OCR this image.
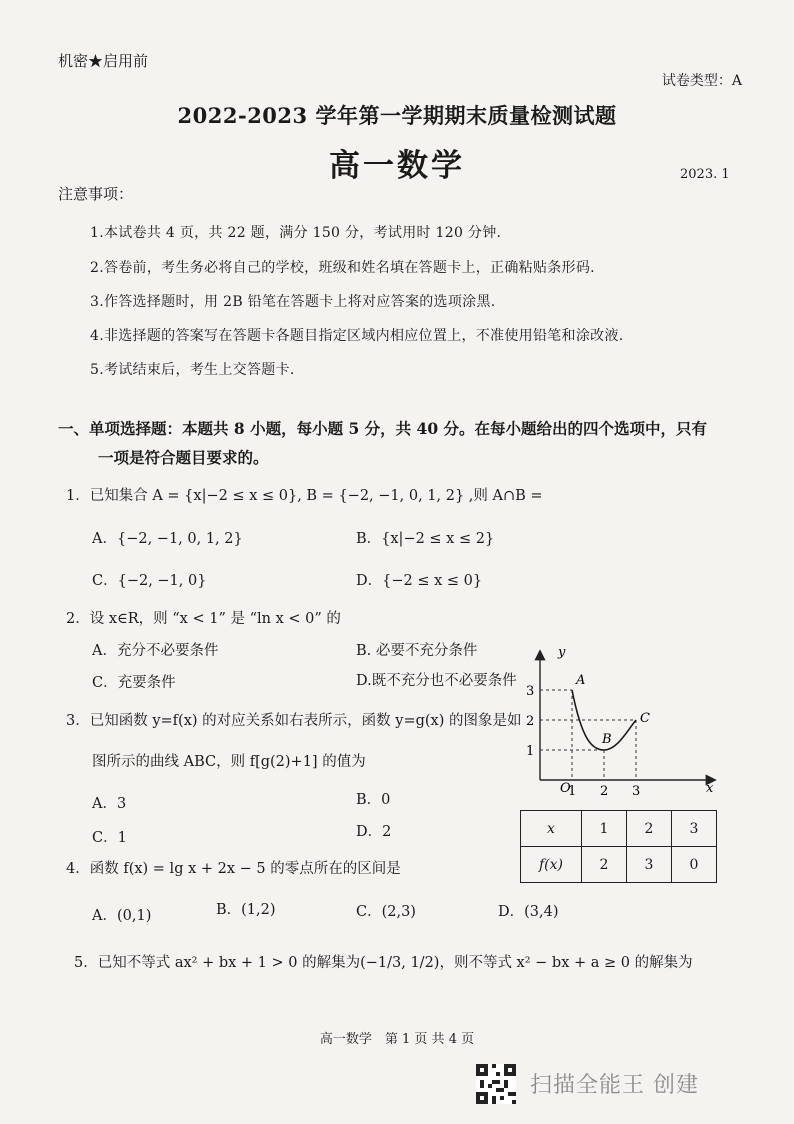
机密★启用前
试卷类型：A
2022-2023 学年第一学期期末质量检测试题
高一数学	2023. 1
注意事项：
1.本试卷共 4 页，共 22 题，满分 150 分，考试用时 120 分钟.
2.答卷前，考生务必将自己的学校，班级和姓名填在答题卡上，正确粘贴条形码.
3.作答选择题时，用 2B 铅笔在答题卡上将对应答案的选项涂黑.
4.非选择题的答案写在答题卡各题目指定区域内相应位置上，不准使用铅笔和涂改液.
5.考试结束后，考生上交答题卡.
一、单项选择题：本题共 8 小题，每小题 5 分，共 40 分。在每小题给出的四个选项中，只有
一项是符合题目要求的。
1．已知集合 A = {x|−2 ≤ x ≤ 0}, B = {−2, −1, 0, 1, 2} ,则 A∩B =
A．{−2, −1, 0, 1, 2}	B．{x|−2 ≤ x ≤ 2}
C．{−2, −1, 0}	D．{−2 ≤ x ≤ 0}
2．设 x∈R，则 “x < 1” 是 “ln x < 0” 的
A．充分不必要条件	B. 必要不充分条件
C．充要条件	D.既不充分也不必要条件
3．已知函数 y=f(x) 的对应关系如右表所示，函数 y=g(x) 的图象是如
图所示的曲线 ABC，则 f[g(2)+1] 的值为
A．3	B．0
C．1	D．2
3
2
1
1 2 3
A
B
C
y
x
O
x	1	2	3
f(x)	2	3	0
4．函数 f(x) = lg x + 2x − 5 的零点所在的区间是
A．(0,1)	B．(1,2)	C．(2,3)	D．(3,4)
5．已知不等式 ax² + bx + 1 > 0 的解集为(−1/3, 1/2)，则不等式 x² − bx + a ≥ 0 的解集为
高一数学　第 1 页 共 4 页
扫描全能王 创建
